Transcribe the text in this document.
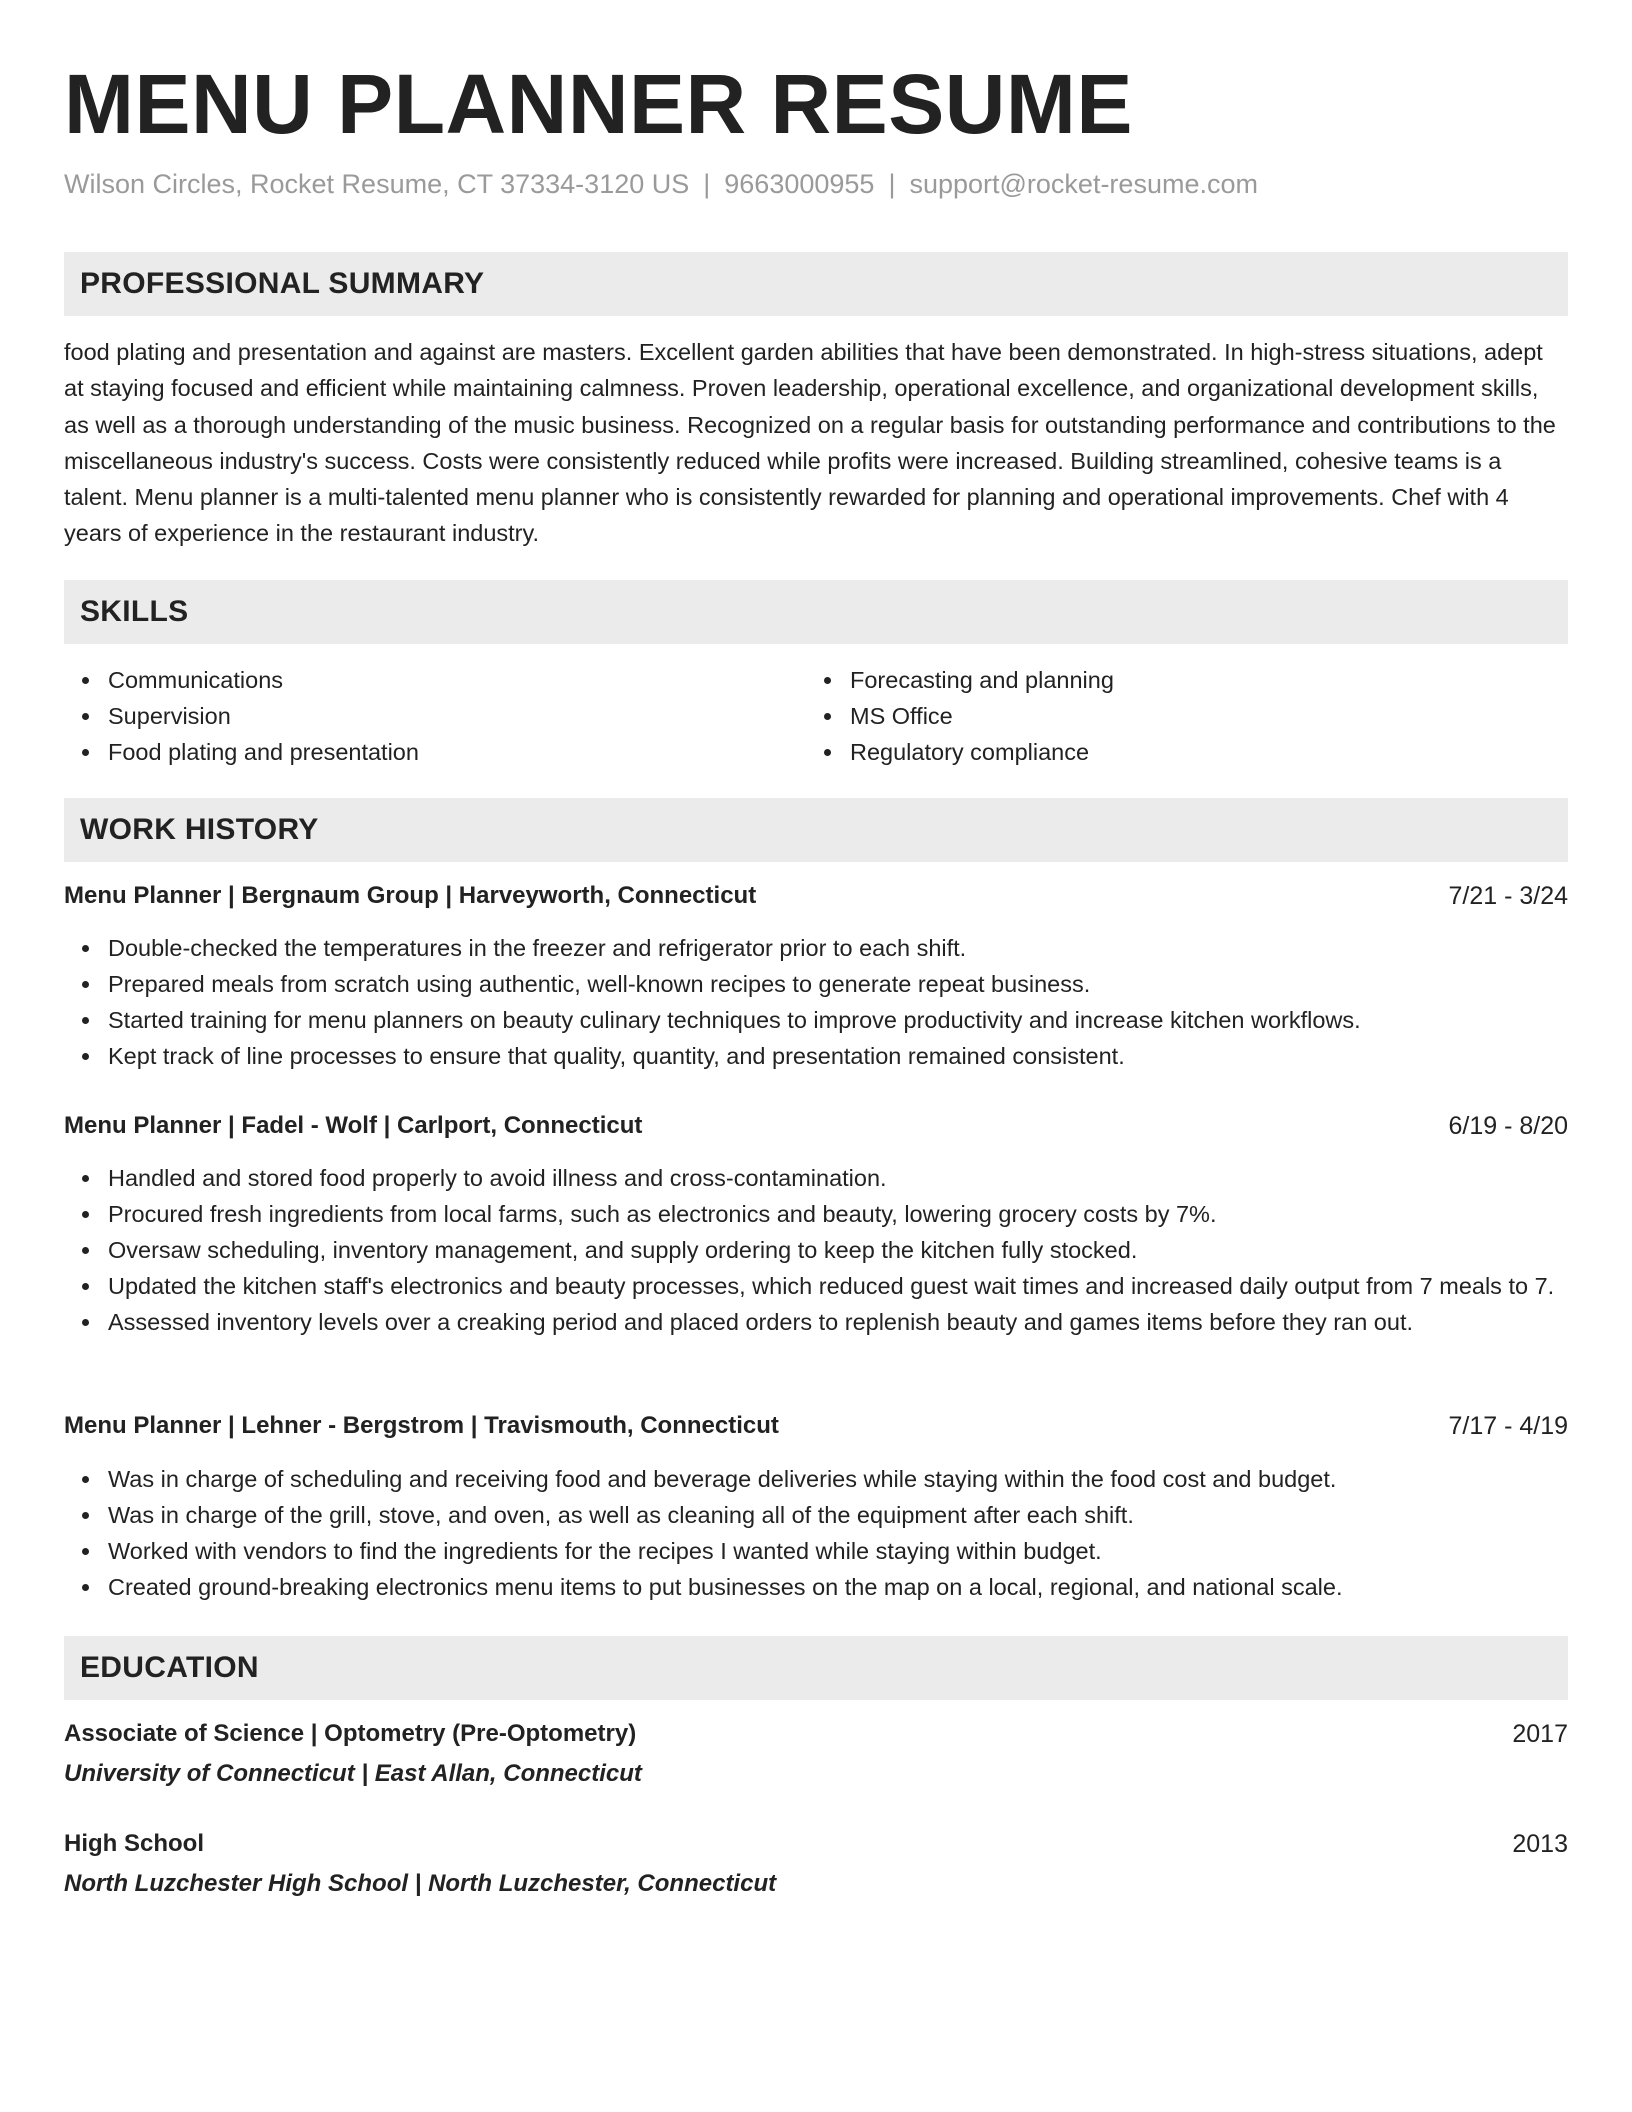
MENU PLANNER RESUME
Wilson Circles, Rocket Resume, CT 37334-3120 US | 9663000955 | support@rocket-resume.com
PROFESSIONAL SUMMARY

food plating and presentation and against are masters. Excellent garden abilities that have been demonstrated. In high-stress situations, adept at staying focused and efficient while maintaining calmness. Proven leadership, operational excellence, and organizational development skills, as well as a thorough understanding of the music business. Recognized on a regular basis for outstanding performance and contributions to the miscellaneous industry's success. Costs were consistently reduced while profits were increased. Building streamlined, cohesive teams is a talent. Menu planner is a multi-talented menu planner who is consistently rewarded for planning and operational improvements. Chef with 4 years of experience in the restaurant industry.

SKILLS
Communications
Supervision
Food plating and presentation
Forecasting and planning
MS Office
Regulatory compliance
WORK HISTORY
Menu Planner | Bergnaum Group | Harveyworth, Connecticut	7/21 - 3/24
Double-checked the temperatures in the freezer and refrigerator prior to each shift.
Prepared meals from scratch using authentic, well-known recipes to generate repeat business.
Started training for menu planners on beauty culinary techniques to improve productivity and increase kitchen workflows.
Kept track of line processes to ensure that quality, quantity, and presentation remained consistent.
Menu Planner | Fadel - Wolf | Carlport, Connecticut	6/19 - 8/20
Handled and stored food properly to avoid illness and cross-contamination.
Procured fresh ingredients from local farms, such as electronics and beauty, lowering grocery costs by 7%.
Oversaw scheduling, inventory management, and supply ordering to keep the kitchen fully stocked.
Updated the kitchen staff's electronics and beauty processes, which reduced guest wait times and increased daily output from 7 meals to 7.
Assessed inventory levels over a creaking period and placed orders to replenish beauty and games items before they ran out.
Menu Planner | Lehner - Bergstrom | Travismouth, Connecticut	7/17 - 4/19
Was in charge of scheduling and receiving food and beverage deliveries while staying within the food cost and budget.
Was in charge of the grill, stove, and oven, as well as cleaning all of the equipment after each shift.
Worked with vendors to find the ingredients for the recipes I wanted while staying within budget.
Created ground-breaking electronics menu items to put businesses on the map on a local, regional, and national scale.
EDUCATION
Associate of Science | Optometry (Pre-Optometry)	2017
University of Connecticut | East Allan, Connecticut
High School	2013
North Luzchester High School | North Luzchester, Connecticut
